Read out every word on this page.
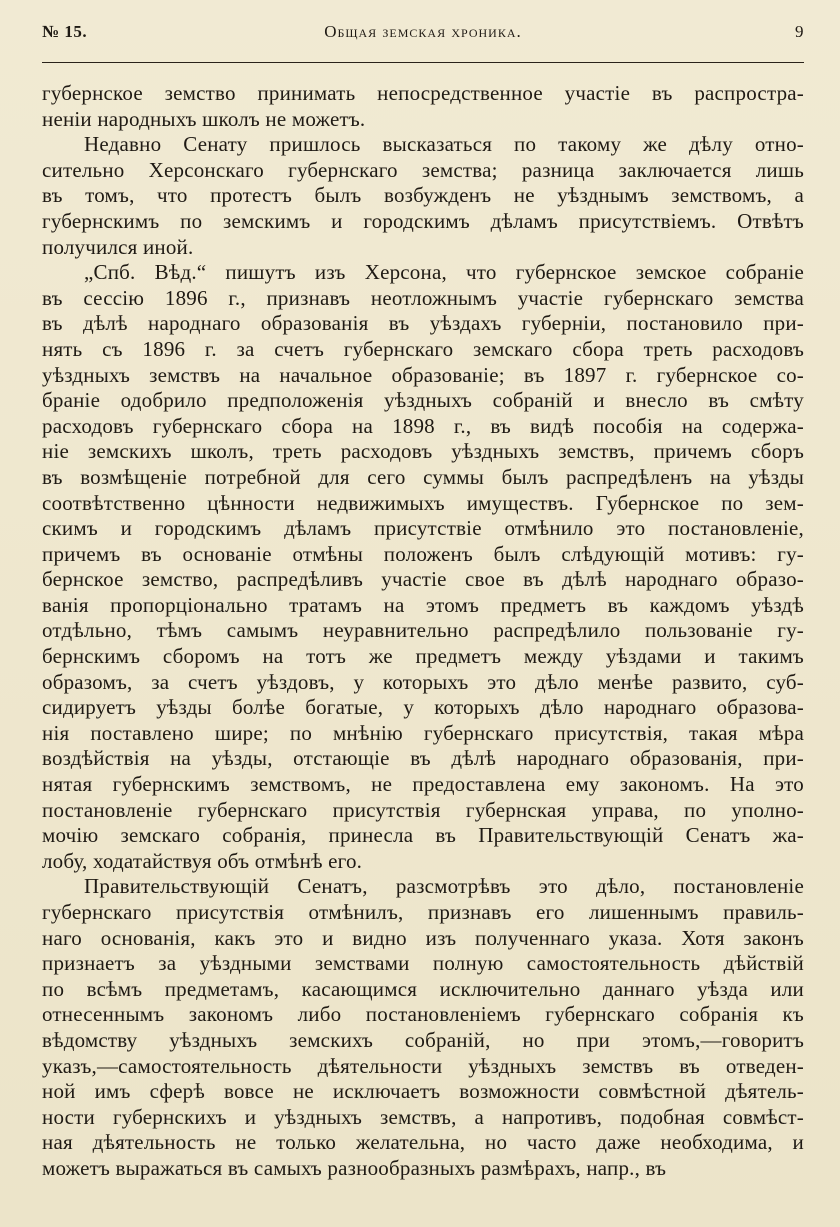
№ 15.	Общая земская хроника.	9
губернское земство принимать непосредственное участіе въ распростра-
неніи народныхъ школъ не можетъ.
Недавно Сенату пришлось высказаться по такому же дѣлу отно-
сительно Херсонскаго губернскаго земства; разница заключается лишь
въ томъ, что протестъ былъ возбужденъ не уѣзднымъ земствомъ, а
губернскимъ по земскимъ и городскимъ дѣламъ присутствіемъ. Отвѣтъ
получился иной.
„Спб. Вѣд.“ пишутъ изъ Херсона, что губернское земское собраніе
въ сессію 1896 г., признавъ неотложнымъ участіе губернскаго земства
въ дѣлѣ народнаго образованія въ уѣздахъ губерніи, постановило при-
нять съ 1896 г. за счетъ губернскаго земскаго сбора треть расходовъ
уѣздныхъ земствъ на начальное образованіе; въ 1897 г. губернское со-
браніе одобрило предположенія уѣздныхъ собраній и внесло въ смѣту
расходовъ губернскаго сбора на 1898 г., въ видѣ пособія на содержа-
ніе земскихъ школъ, треть расходовъ уѣздныхъ земствъ, причемъ сборъ
въ возмѣщеніе потребной для сего суммы былъ распредѣленъ на уѣзды
соотвѣтственно цѣнности недвижимыхъ имуществъ. Губернское по зем-
скимъ и городскимъ дѣламъ присутствіе отмѣнило это постановленіе,
причемъ въ основаніе отмѣны положенъ былъ слѣдующій мотивъ: гу-
бернское земство, распредѣливъ участіе свое въ дѣлѣ народнаго образо-
ванія пропорціонально тратамъ на этомъ предметъ въ каждомъ уѣздѣ
отдѣльно, тѣмъ самымъ неуравнительно распредѣлило пользованіе гу-
бернскимъ сборомъ на тотъ же предметъ между уѣздами и такимъ
образомъ, за счетъ уѣздовъ, у которыхъ это дѣло менѣе развито, суб-
сидируетъ уѣзды болѣе богатые, у которыхъ дѣло народнаго образова-
нія поставлено шире; по мнѣнію губернскаго присутствія, такая мѣра
воздѣйствія на уѣзды, отстающіе въ дѣлѣ народнаго образованія, при-
нятая губернскимъ земствомъ, не предоставлена ему закономъ. На это
постановленіе губернскаго присутствія губернская управа, по уполно-
мочію земскаго собранія, принесла въ Правительствующій Сенатъ жа-
лобу, ходатайствуя объ отмѣнѣ его.
Правительствующій Сенатъ, разсмотрѣвъ это дѣло, постановленіе
губернскаго присутствія отмѣнилъ, признавъ его лишеннымъ правиль-
наго основанія, какъ это и видно изъ полученнаго указа. Хотя законъ
признаетъ за уѣздными земствами полную самостоятельность дѣйствій
по всѣмъ предметамъ, касающимся исключительно даннаго уѣзда или
отнесеннымъ закономъ либо постановленіемъ губернскаго собранія къ
вѣдомству уѣздныхъ земскихъ собраній, но при этомъ,—говоритъ
указъ,—самостоятельность дѣятельности уѣздныхъ земствъ въ отведен-
ной имъ сферѣ вовсе не исключаетъ возможности совмѣстной дѣятель-
ности губернскихъ и уѣздныхъ земствъ, а напротивъ, подобная совмѣст-
ная дѣятельность не только желательна, но часто даже необходима, и
можетъ выражаться въ самыхъ разнообразныхъ размѣрахъ, напр., въ
